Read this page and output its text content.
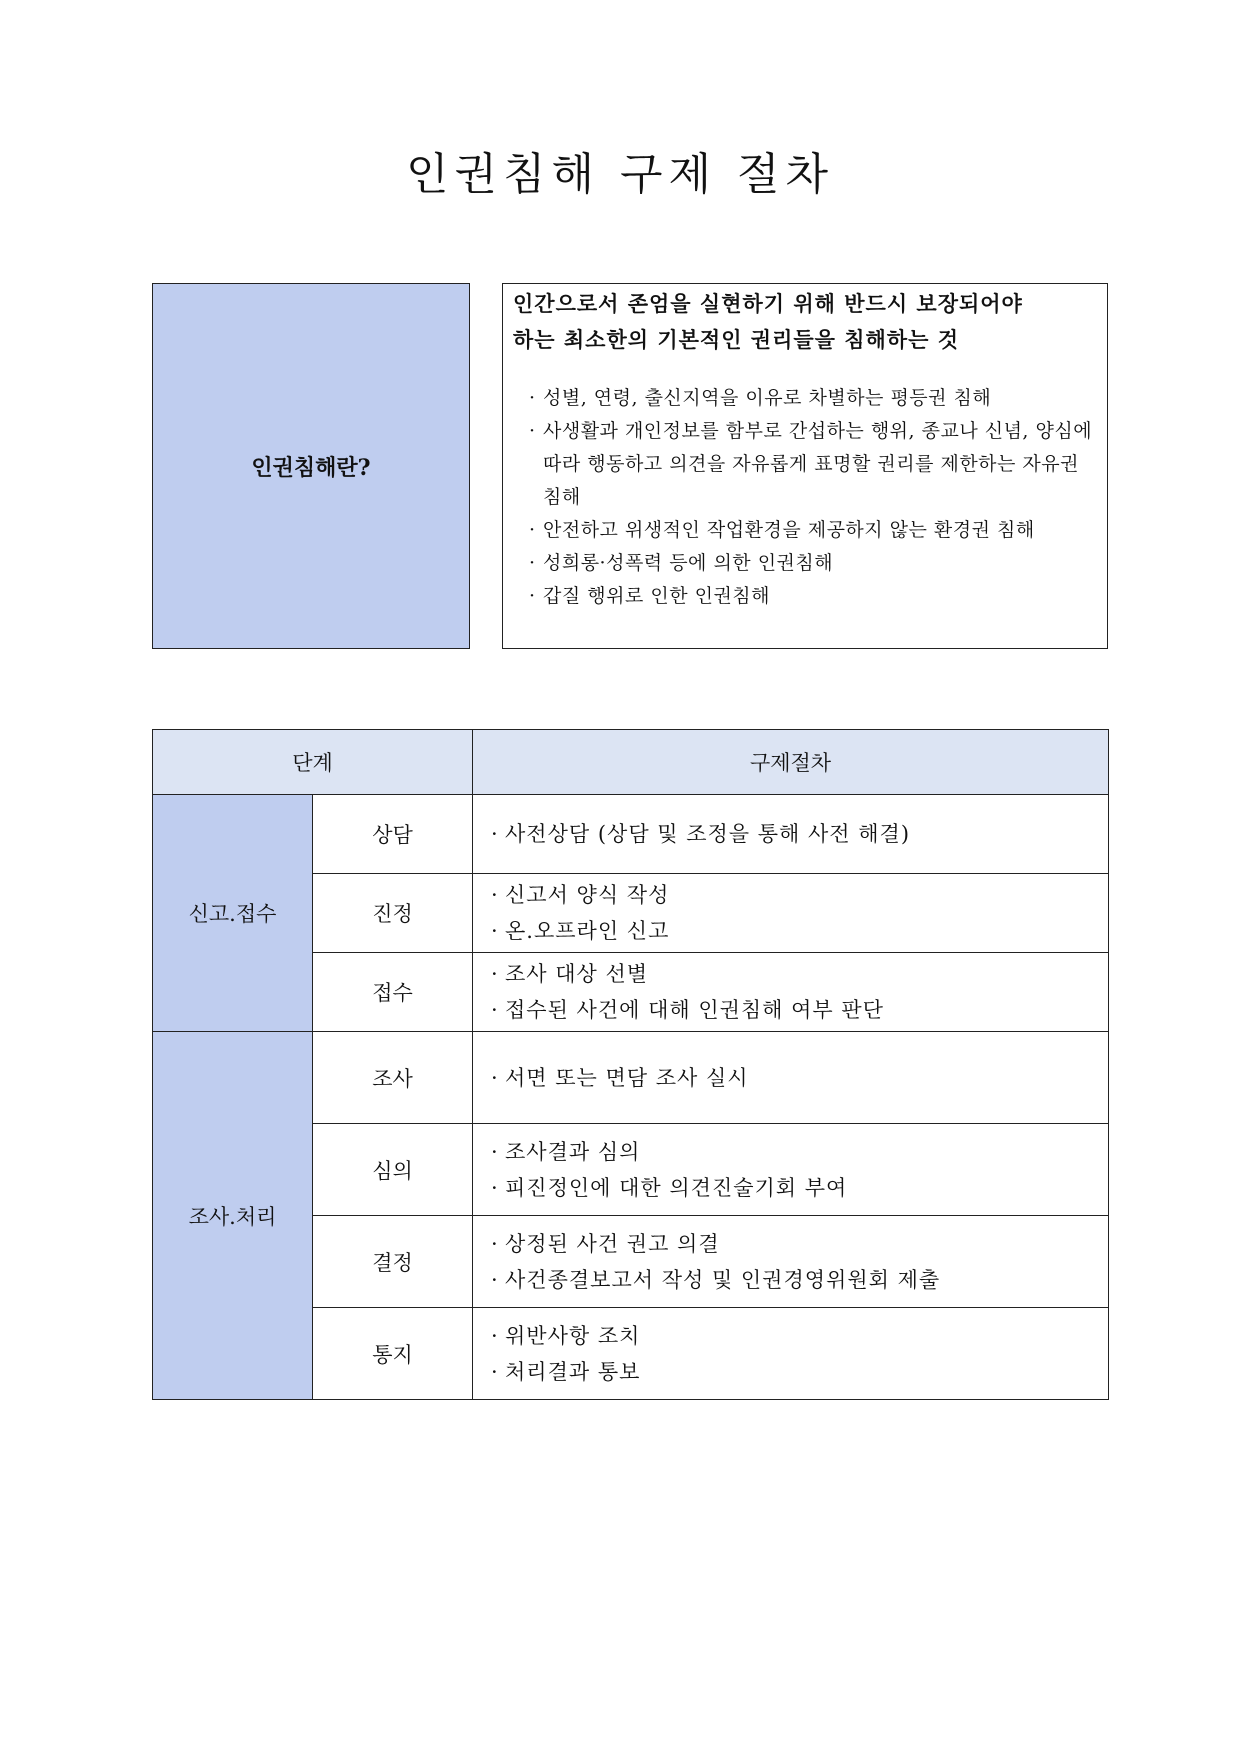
인권침해 구제 절차
인권침해란?

인간으로서 존엄을 실현하기 위해 반드시 보장되어야
하는 최소한의 기본적인 권리들을 침해하는 것

· 성별, 연령, 출신지역을 이유로 차별하는 평등권 침해
· 사생활과 개인정보를 함부로 간섭하는 행위, 종교나 신념, 양심에 따라 행동하고 의견을 자유롭게 표명할 권리를 제한하는 자유권 침해
· 안전하고 위생적인 작업환경을 제공하지 않는 환경권 침해
· 성희롱·성폭력 등에 의한 인권침해
· 갑질 행위로 인한 인권침해
단계		구제절차
신고.접수	상담	· 사전상담 (상담 및 조정을 통해 사전 해결)

	진정	· 신고서 양식 작성
· 온.오프라인 신고

	접수	· 조사 대상 선별
· 접수된 사건에 대해 인권침해 여부 판단

조사.처리	조사	· 서면 또는 면담 조사 실시

	심의	· 조사결과 심의
· 피진정인에 대한 의견진술기회 부여

	결정	· 상정된 사건 권고 의결
· 사건종결보고서 작성 및 인권경영위원회 제출

	통지	· 위반사항 조치
· 처리결과 통보
